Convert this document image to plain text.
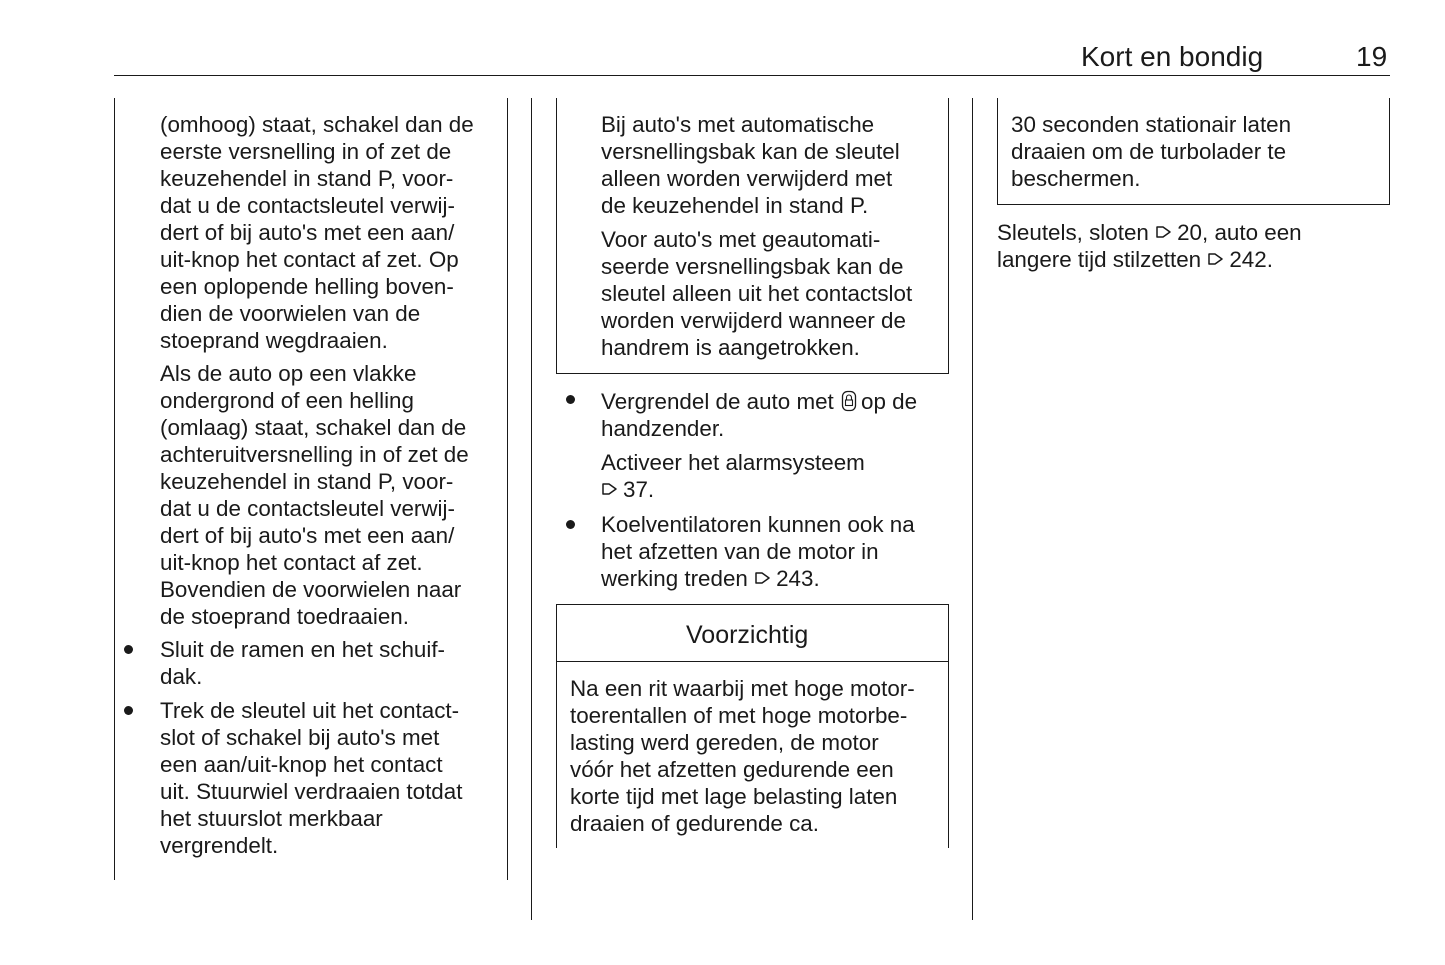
Kort en bondig	19
(omhoog) staat, schakel dan de
eerste versnelling in of zet de
keuzehendel in stand P, voor-
dat u de contactsleutel verwij-
dert of bij auto's met een aan/
uit-knop het contact af zet. Op
een oplopende helling boven-
dien de voorwielen van de
stoeprand wegdraaien.
Als de auto op een vlakke
ondergrond of een helling
(omlaag) staat, schakel dan de
achteruitversnelling in of zet de
keuzehendel in stand P, voor-
dat u de contactsleutel verwij-
dert of bij auto's met een aan/
uit-knop het contact af zet.
Bovendien de voorwielen naar
de stoeprand toedraaien.
Sluit de ramen en het schuif-
dak.
Trek de sleutel uit het contact-
slot of schakel bij auto's met
een aan/uit-knop het contact
uit. Stuurwiel verdraaien totdat
het stuurslot merkbaar
vergrendelt.
Bij auto's met automatische
versnellingsbak kan de sleutel
alleen worden verwijderd met
de keuzehendel in stand P.
Voor auto's met geautomati-
seerde versnellingsbak kan de
sleutel alleen uit het contactslot
worden verwijderd wanneer de
handrem is aangetrokken.
Vergrendel de auto met op de
handzender.
Activeer het alarmsysteem
37.
Koelventilatoren kunnen ook na
het afzetten van de motor in
werking treden 243.
Voorzichtig
Na een rit waarbij met hoge motor-
toerentallen of met hoge motorbe-
lasting werd gereden, de motor
vóór het afzetten gedurende een
korte tijd met lage belasting laten
draaien of gedurende ca.
30 seconden stationair laten
draaien om de turbolader te
beschermen.
Sleutels, sloten 20, auto een
langere tijd stilzetten 242.
